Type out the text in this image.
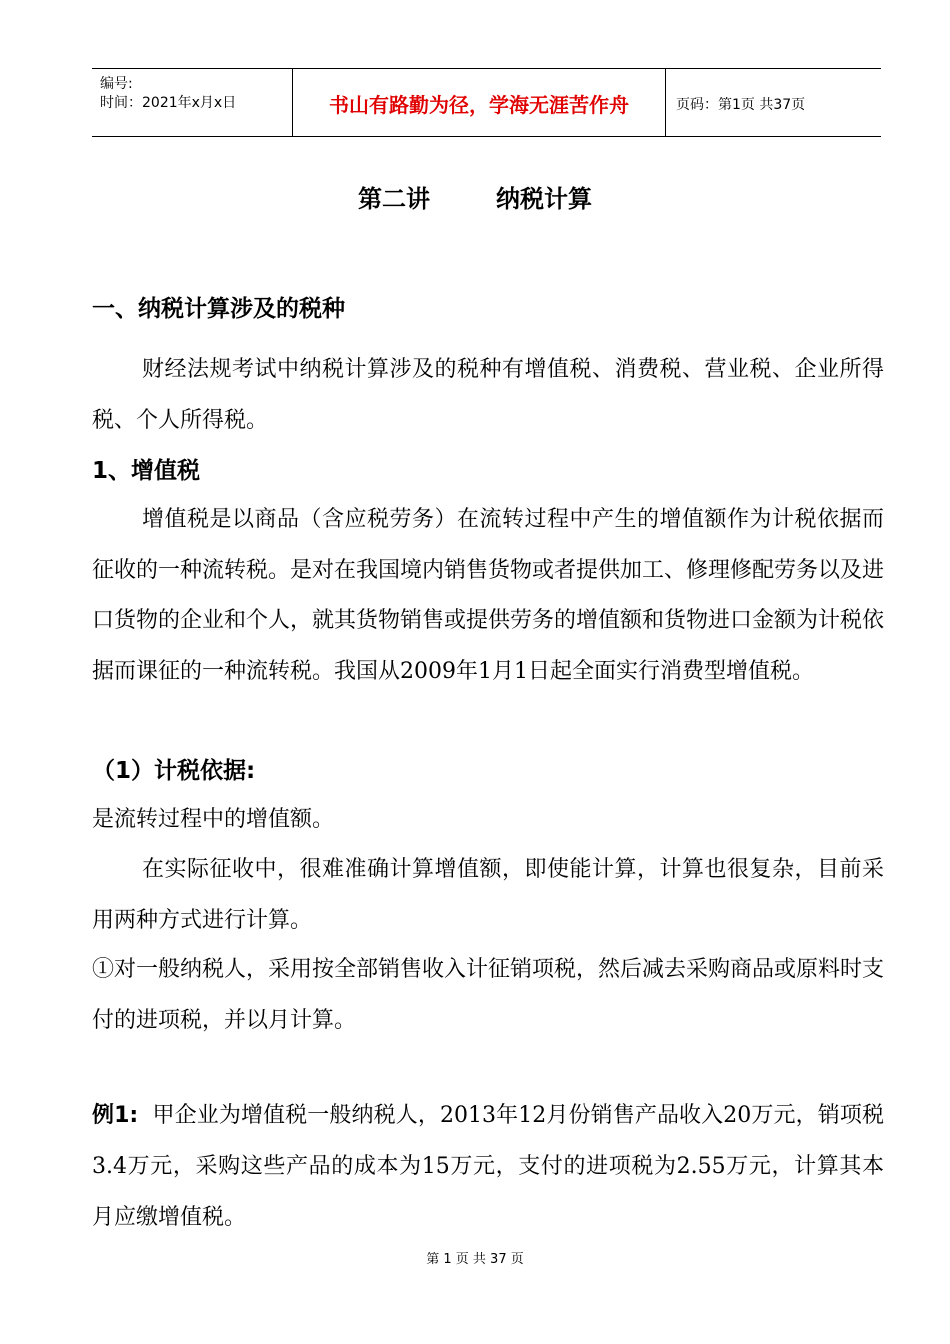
编号:
时间：2021年x月x日	书山有路勤为径，学海无涯苦作舟	页码：第1页 共37页
第二讲	纳税计算
一、纳税计算涉及的税种
财经法规考试中纳税计算涉及的税种有增值税、消费税、营业税、企业所得税、个人所得税。
1、增值税
增值税是以商品（含应税劳务）在流转过程中产生的增值额作为计税依据而征收的一种流转税。是对在我国境内销售货物或者提供加工、修理修配劳务以及进口货物的企业和个人，就其货物销售或提供劳务的增值额和货物进口金额为计税依据而课征的一种流转税。我国从2009年1月1日起全面实行消费型增值税。
（1）计税依据:
是流转过程中的增值额。
在实际征收中，很难准确计算增值额，即使能计算，计算也很复杂，目前采用两种方式进行计算。
①对一般纳税人，采用按全部销售收入计征销项税，然后减去采购商品或原料时支付的进项税，并以月计算。
例1: 甲企业为增值税一般纳税人，2013年12月份销售产品收入20万元，销项税3.4万元，采购这些产品的成本为15万元，支付的进项税为2.55万元，计算其本月应缴增值税。
第 1 页 共 37 页
